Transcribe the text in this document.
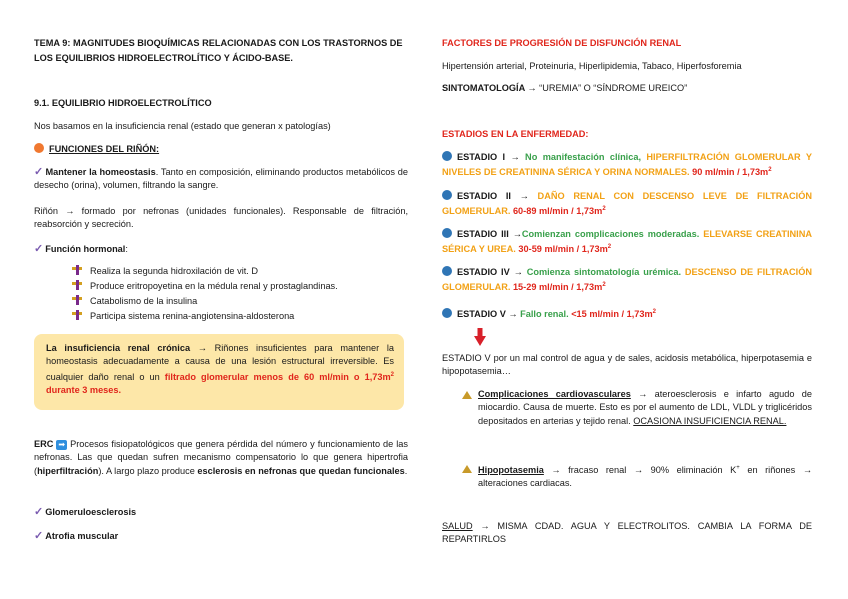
TEMA 9: MAGNITUDES BIOQUÍMICAS RELACIONADAS CON LOS TRASTORNOS DE LOS EQUILIBRIOS HIDROELECTROLÍTICO Y ÁCIDO-BASE.
9.1. EQUILIBRIO HIDROELECTROLÍTICO
Nos basamos en la insuficiencia renal (estado que generan x patologías)
FUNCIONES DEL RIÑÓN:
✓ Mantener la homeostasis. Tanto en composición, eliminando productos metabólicos de desecho (orina), volumen, filtrando la sangre.
Riñón → formado por nefronas (unidades funcionales). Responsable de filtración, reabsorción y secreción.
✓ Función hormonal:
Realiza la segunda hidroxilación de vit. D
Produce eritropoyetina en la médula renal y prostaglandinas.
Catabolismo de la insulina
Participa sistema renina-angiotensina-aldosterona
La insuficiencia renal crónica → Riñones insuficientes para mantener la homeostasis adecuadamente a causa de una lesión estructural irreversible. Es cualquier daño renal o un filtrado glomerular menos de 60 ml/min o $1,73m^2$ durante 3 meses.
ERC ➡ Procesos fisiopatológicos que genera pérdida del número y funcionamiento de las nefronas. Las que quedan sufren mecanismo compensatorio lo que genera hipertrofia (hiperfiltración). A largo plazo produce esclerosis en nefronas que quedan funcionales.
✓ Glomeruloesclerosis
✓ Atrofia muscular
FACTORES DE PROGRESIÓN DE DISFUNCIÓN RENAL
Hipertensión arterial, Proteinuria, Hiperlipidemia, Tabaco, Hiperfosforemia
SINTOMATOLOGÍA → “UREMIA” O “SÍNDROME UREICO”
ESTADIOS EN LA ENFERMEDAD:
ESTADIO I → No manifestación clínica, HIPERFILTRACIÓN GLOMERULAR Y NIVELES DE CREATININA SÉRICA Y ORINA NORMALES. 90 $ml/\min / 1,73m^2$
ESTADIO II → DAÑO RENAL CON DESCENSO LEVE DE FILTRACIÓN GLOMERULAR. 60-89 $ml/\min / 1,73m^2$
ESTADIO III →Comienzan complicaciones moderadas. ELEVARSE CREATININA SÉRICA Y UREA. 30-59 $ml/\min / 1,73m^2$
ESTADIO IV → Comienza sintomatología urémica. DESCENSO DE FILTRACIÓN GLOMERULAR. 15-29 $ml/\min / 1,73m^2$
ESTADIO V → Fallo renal. <15 $ml/\min / 1,73m^2$
ESTADIO V por un mal control de agua y de sales, acidosis metabólica, hiperpotasemia e hipopotasemia…
Complicaciones cardiovasculares → ateroesclerosis e infarto agudo de miocardio. Causa de muerte. Esto es por el aumento de LDL, VLDL y triglicéridos depositados en arterias y tejido renal. OCASIONA INSUFICIENCIA RENAL.
Hipopotasemia → fracaso renal → 90% eliminación K+ en riñones → alteraciones cardiacas.
SALUD → MISMA CDAD. AGUA Y ELECTROLITOS. CAMBIA LA FORMA DE REPARTIRLOS
